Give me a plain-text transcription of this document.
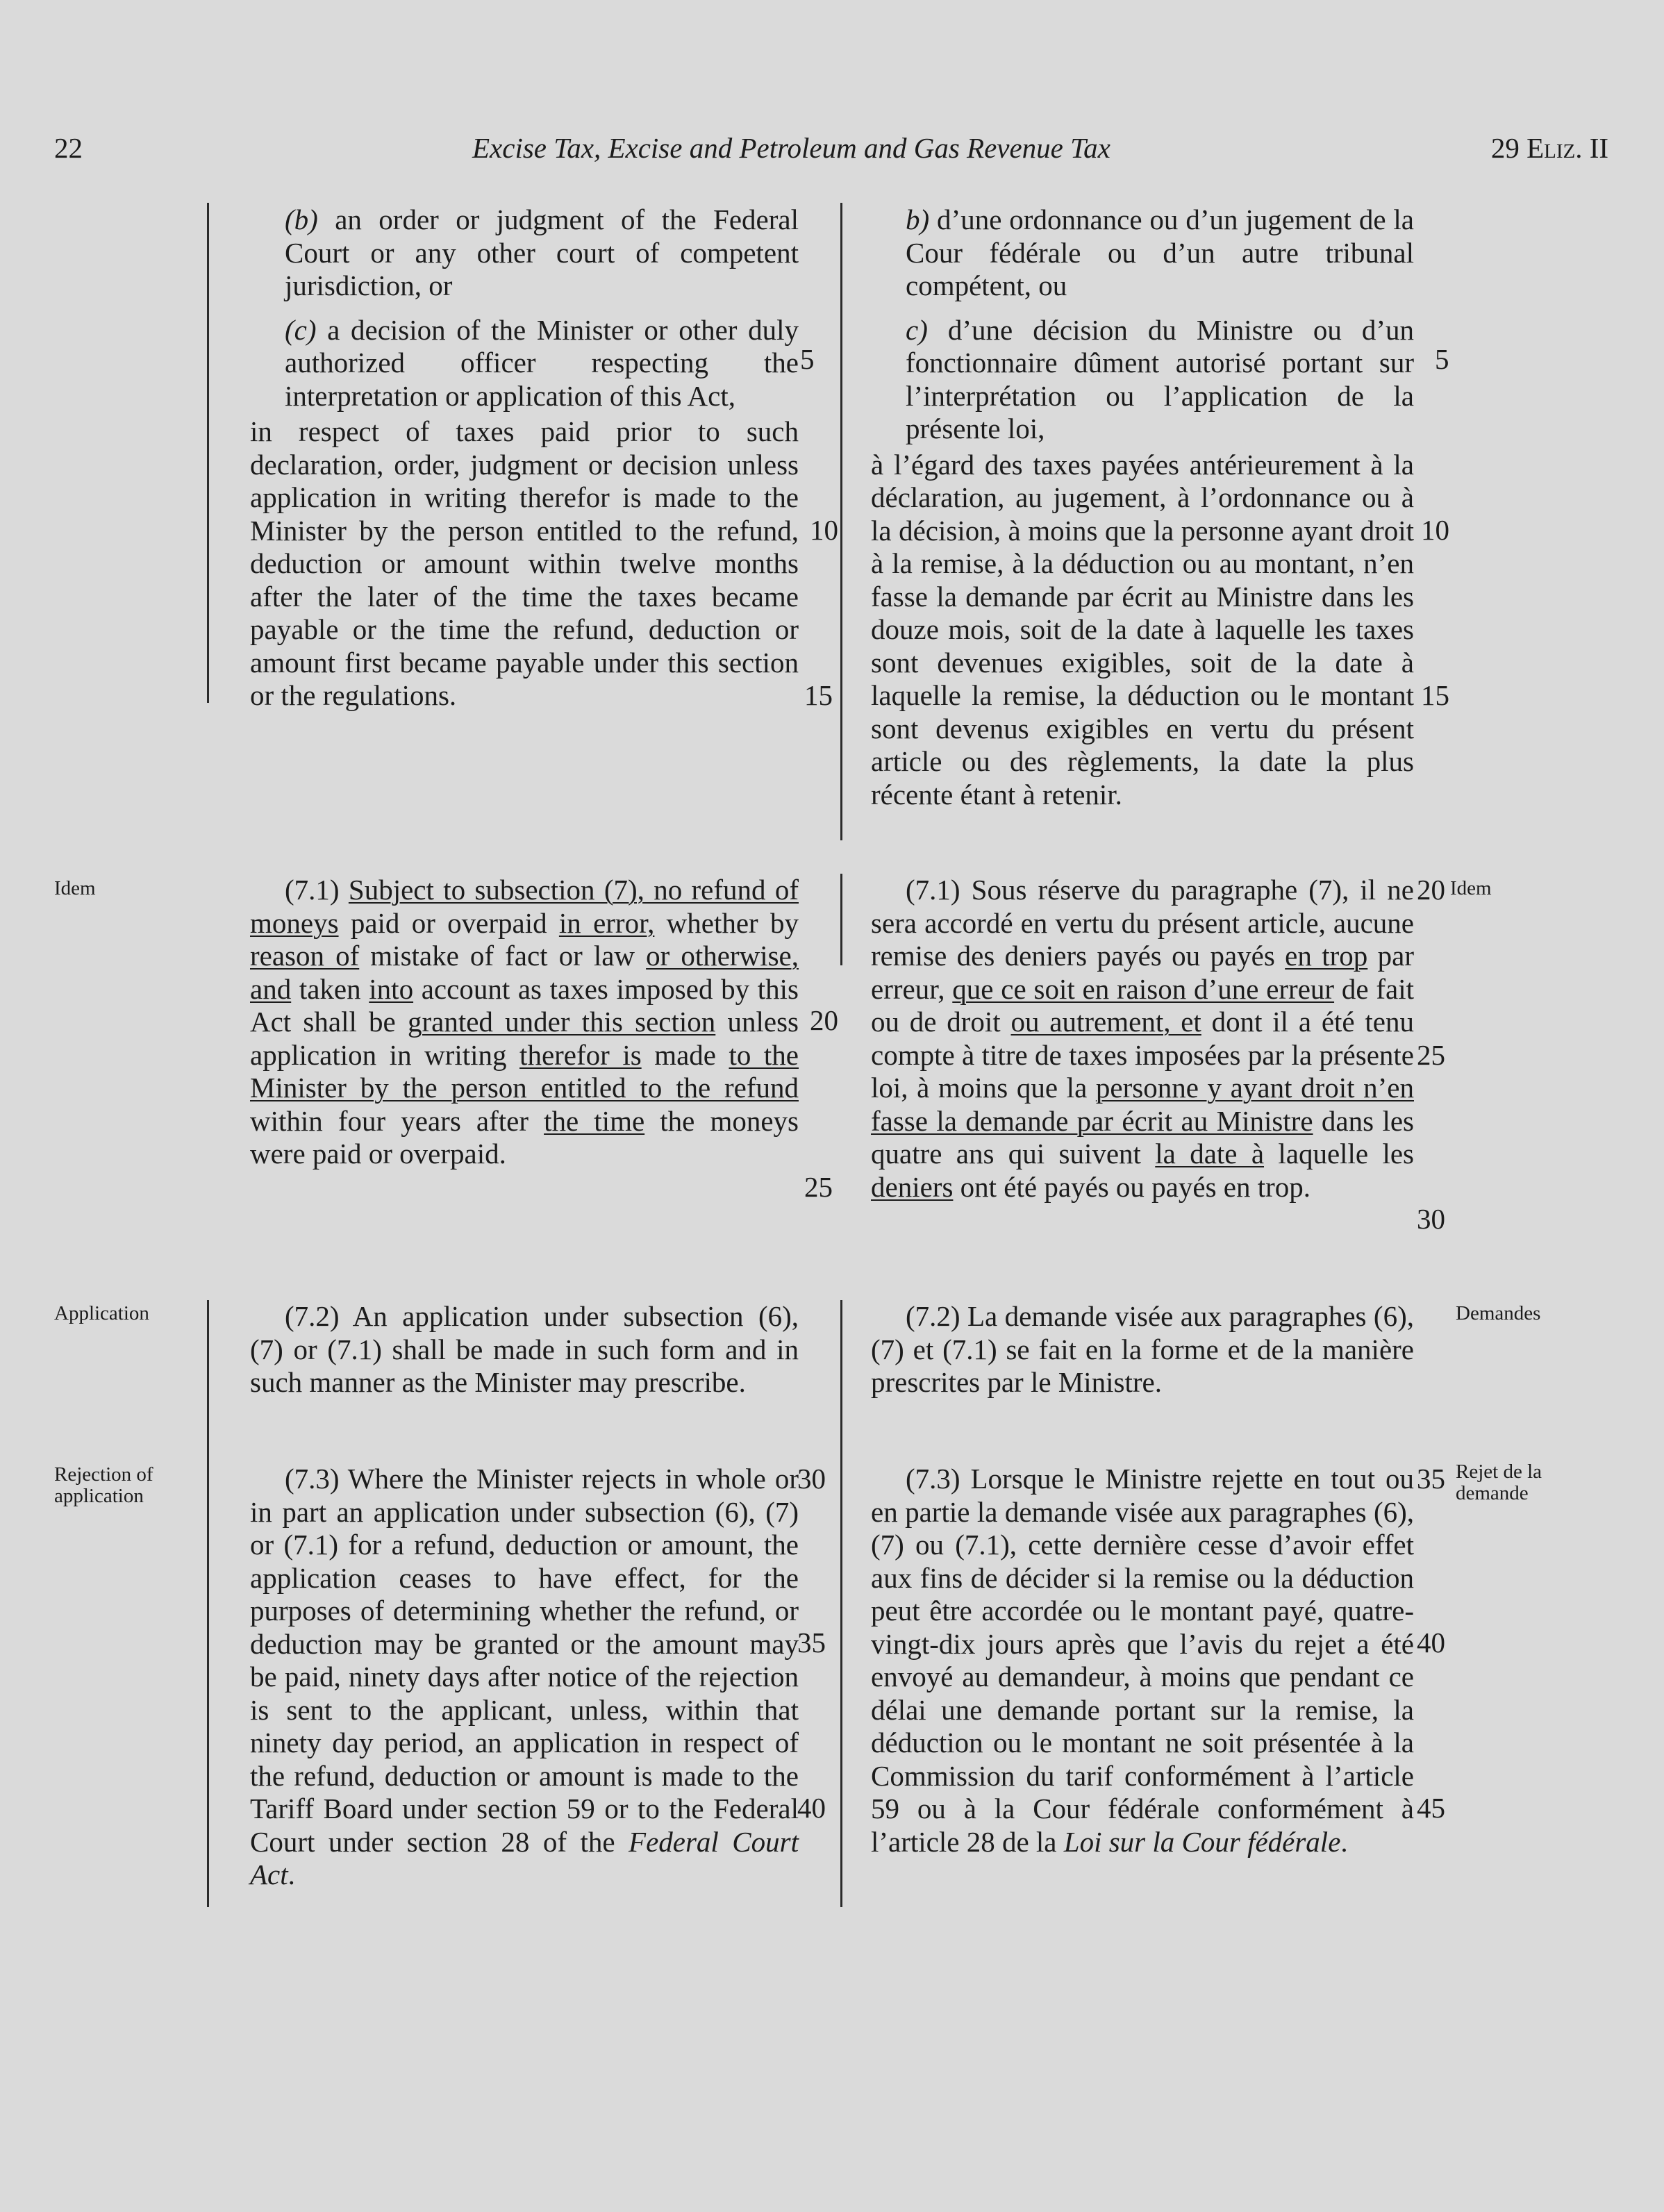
22	Excise Tax, Excise and Petroleum and Gas Revenue Tax	29 Eliz. II

(b) an order or judgment of the Federal Court or any other court of competent jurisdiction, or

(c) a decision of the Minister or other duly authorized officer respecting the interpretation or application of this Act,

in respect of taxes paid prior to such declaration, order, judgment or decision unless application in writing therefor is made to the Minister by the person entitled to the refund, deduction or amount within twelve months after the later of the time the taxes became payable or the time the refund, deduction or amount first became payable under this section or the regulations.

b) d’une ordonnance ou d’un jugement de la Cour fédérale ou d’un autre tribunal compétent, ou

c) d’une décision du Ministre ou d’un fonctionnaire dûment autorisé portant sur l’interprétation ou l’application de la présente loi,

à l’égard des taxes payées antérieurement à la déclaration, au jugement, à l’ordonnance ou à la décision, à moins que la personne ayant droit à la remise, à la déduction ou au montant, n’en fasse la demande par écrit au Ministre dans les douze mois, soit de la date à laquelle les taxes sont devenues exigibles, soit de la date à laquelle la remise, la déduction ou le montant sont devenus exigibles en vertu du présent article ou des règlements, la date la plus récente étant à retenir.

Idem	Idem
(7.1) Subject to subsection (7), no refund of moneys paid or overpaid in error, whether by reason of mistake of fact or law or otherwise, and taken into account as taxes imposed by this Act shall be granted under this section unless application in writing therefor is made to the Minister by the person entitled to the refund within four years after the time the moneys were paid or overpaid.
(7.1) Sous réserve du paragraphe (7), il ne sera accordé en vertu du présent article, aucune remise des deniers payés ou payés en trop par erreur, que ce soit en raison d’une erreur de fait ou de droit ou autrement, et dont il a été tenu compte à titre de taxes imposées par la présente loi, à moins que la personne y ayant droit n’en fasse la demande par écrit au Ministre dans les quatre ans qui suivent la date à laquelle les deniers ont été payés ou payés en trop.
Application	Demandes
(7.2) An application under subsection (6), (7) or (7.1) shall be made in such form and in such manner as the Minister may prescribe.
(7.2) La demande visée aux paragraphes (6), (7) et (7.1) se fait en la forme et de la manière prescrites par le Ministre.
Rejection of application
Rejet de la demande
(7.3) Where the Minister rejects in whole or in part an application under subsection (6), (7) or (7.1) for a refund, deduction or amount, the application ceases to have effect, for the purposes of determining whether the refund, or deduction may be granted or the amount may be paid, ninety days after notice of the rejection is sent to the applicant, unless, within that ninety day period, an application in respect of the refund, deduction or amount is made to the Tariff Board under section 59 or to the Federal Court under section 28 of the Federal Court Act.
(7.3) Lorsque le Ministre rejette en tout ou en partie la demande visée aux paragraphes (6), (7) ou (7.1), cette dernière cesse d’avoir effet aux fins de décider si la remise ou la déduction peut être accordée ou le montant payé, quatre-vingt-dix jours après que l’avis du rejet a été envoyé au demandeur, à moins que pendant ce délai une demande portant sur la remise, la déduction ou le montant ne soit présentée à la Commission du tarif conformément à l’article 59 ou à la Cour fédérale conformément à l’article 28 de la Loi sur la Cour fédérale.
5
10
15
20
25
30
35
40
5
10
15
20
25
30
35
40
45
